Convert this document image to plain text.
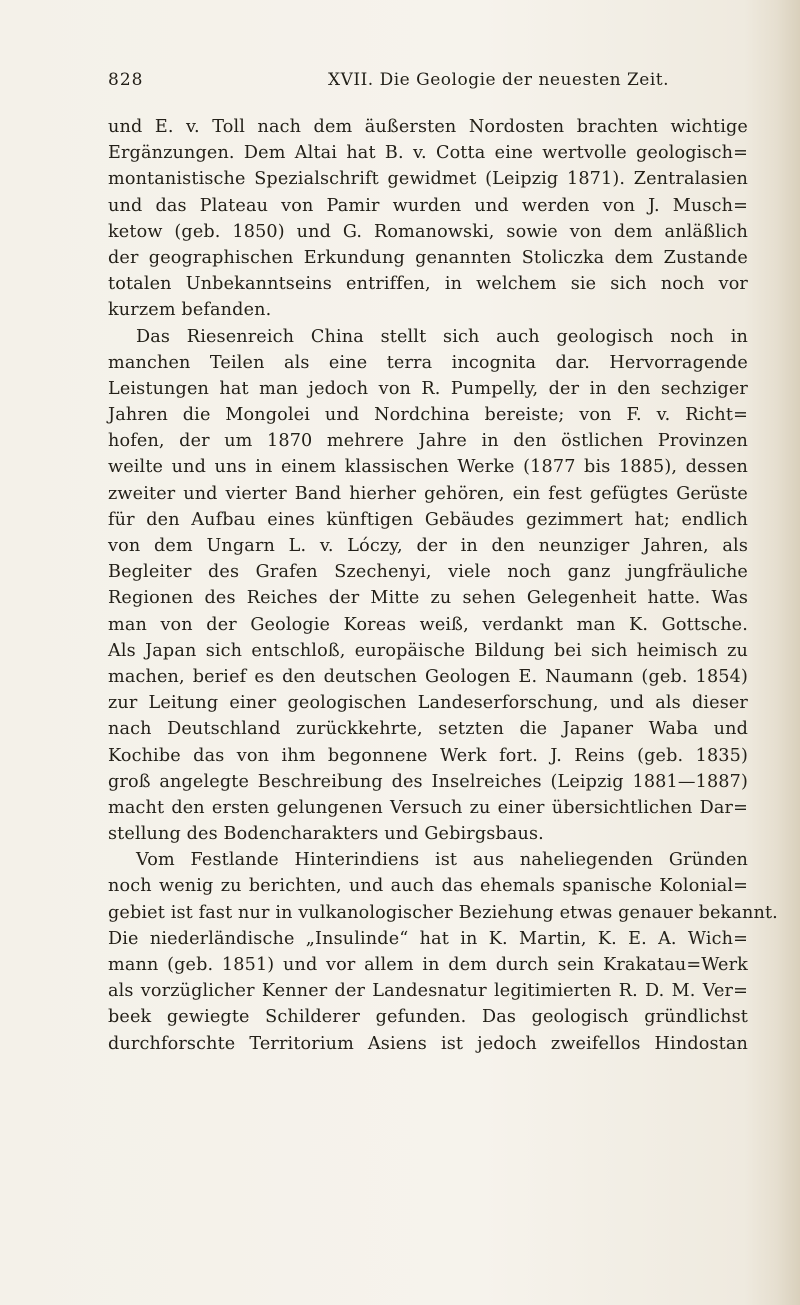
828	XVII. Die Geologie der neuesten Zeit.
und E. v. Toll nach dem äußersten Nordosten brachten wichtige
Ergänzungen. Dem Altai hat B. v. Cotta eine wertvolle geologisch=
montanistische Spezialschrift gewidmet (Leipzig 1871). Zentralasien
und das Plateau von Pamir wurden und werden von J. Musch=
ketow (geb. 1850) und G. Romanowski, sowie von dem anläßlich
der geographischen Erkundung genannten Stoliczka dem Zustande
totalen Unbekanntseins entriffen, in welchem sie sich noch vor
kurzem befanden.
Das Riesenreich China stellt sich auch geologisch noch in
manchen Teilen als eine terra incognita dar. Hervorragende
Leistungen hat man jedoch von R. Pumpelly, der in den sechziger
Jahren die Mongolei und Nordchina bereiste; von F. v. Richt=
hofen, der um 1870 mehrere Jahre in den östlichen Provinzen
weilte und uns in einem klassischen Werke (1877 bis 1885), dessen
zweiter und vierter Band hierher gehören, ein fest gefügtes Gerüste
für den Aufbau eines künftigen Gebäudes gezimmert hat; endlich
von dem Ungarn L. v. Lóczy, der in den neunziger Jahren, als
Begleiter des Grafen Szechenyi, viele noch ganz jungfräuliche
Regionen des Reiches der Mitte zu sehen Gelegenheit hatte. Was
man von der Geologie Koreas weiß, verdankt man K. Gottsche.
Als Japan sich entschloß, europäische Bildung bei sich heimisch zu
machen, berief es den deutschen Geologen E. Naumann (geb. 1854)
zur Leitung einer geologischen Landeserforschung, und als dieser
nach Deutschland zurückkehrte, setzten die Japaner Waba und
Kochibe das von ihm begonnene Werk fort. J. Reins (geb. 1835)
groß angelegte Beschreibung des Inselreiches (Leipzig 1881—1887)
macht den ersten gelungenen Versuch zu einer übersichtlichen Dar=
stellung des Bodencharakters und Gebirgsbaus.
Vom Festlande Hinterindiens ist aus naheliegenden Gründen
noch wenig zu berichten, und auch das ehemals spanische Kolonial=
gebiet ist fast nur in vulkanologischer Beziehung etwas genauer bekannt.
Die niederländische „Insulinde“ hat in K. Martin, K. E. A. Wich=
mann (geb. 1851) und vor allem in dem durch sein Krakatau=Werk
als vorzüglicher Kenner der Landesnatur legitimierten R. D. M. Ver=
beek gewiegte Schilderer gefunden. Das geologisch gründlichst
durchforschte Territorium Asiens ist jedoch zweifellos Hindostan
